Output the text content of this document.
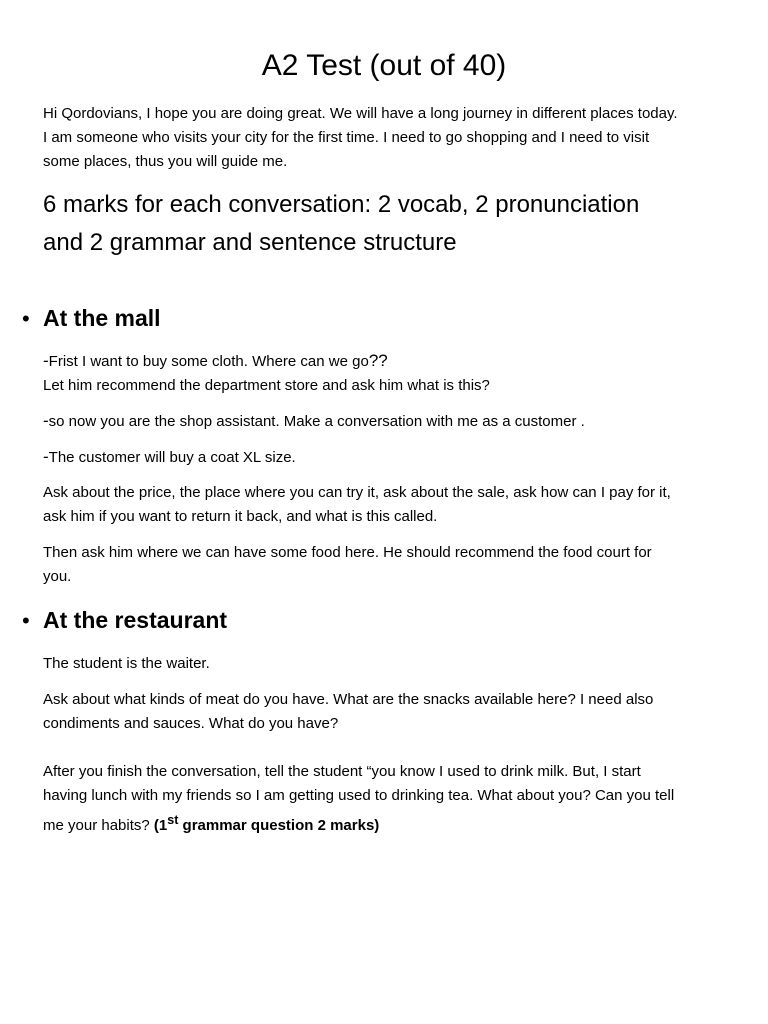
A2 Test (out of 40)
Hi Qordovians, I hope you are doing great. We will have a long journey in different places today. I am someone who visits your city for the first time. I need to go shopping and I need to visit some places, thus you will guide me.
6 marks for each conversation: 2 vocab, 2 pronunciation and 2 grammar and sentence structure
• At the mall
-Frist I want to buy some cloth. Where can we go??
Let him recommend the department store and ask him what is this?
-so now you are the shop assistant. Make a conversation with me as a customer .
-The customer will buy a coat XL size.
Ask about the price, the place where you can try it, ask about the sale, ask how can I pay for it, ask him if you want to return it back, and what is this called.
Then ask him where we can have some food here. He should recommend the food court for you.
• At the restaurant
The student is the waiter.
Ask about what kinds of meat do you have. What are the snacks available here? I need also condiments and sauces. What do you have?
After you finish the conversation, tell the student “you know I used to drink milk. But, I start having lunch with my friends so I am getting used to drinking tea. What about you? Can you tell me your habits? (1st grammar question 2 marks)
